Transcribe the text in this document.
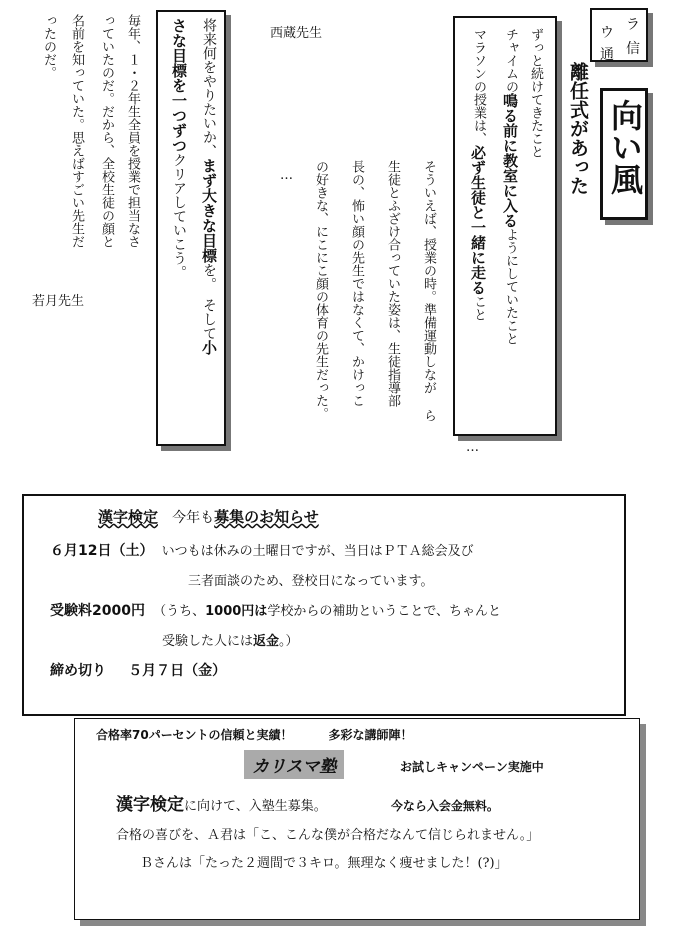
ラ
信
ウ
通
向い風
離任式があった
ずっと続けてきたこと
チャイムの鳴る前に教室に入るようにしていたこと
マラソンの授業は、必ず生徒と一緒に走ること
…
西蔵先生
そういえば、授業の時。準備運動しなが ら
生徒とふざけ合っていた姿は、生徒指導部
長の、怖い顔の先生ではなくて、かけっこ
の好きな、にこにこ顔の体育の先生だった。
…
将来何をやりたいか、まず大きな目標を。　そして小
さな目標を一つずつクリアしていこう。
毎年、１・２年生全員を授業で担当なさ
っていたのだ。だから、全校生徒の顔と
名前を知っていた。思えばすごい先生だ
ったのだ。
若月先生
漢字検定 今年も募集のお知らせ
６月12日（土） いつもは休みの土曜日ですが、当日はＰＴＡ総会及び
三者面談のため、登校日になっています。
受験料2000円 （うち、1000円は学校からの補助ということで、ちゃんと
受験した人には返金。）
締め切り ５月７日（金）
合格率70パーセントの信頼と実績！	多彩な講師陣！
カリスマ塾	お試しキャンペーン実施中
漢字検定に向けて、入塾生募集。	今なら入会金無料。
合格の喜びを、Ａ君は「こ、こんな僕が合格だなんて信じられません。」
Ｂさんは「たった２週間で３キロ。無理なく痩せました！(?)」
